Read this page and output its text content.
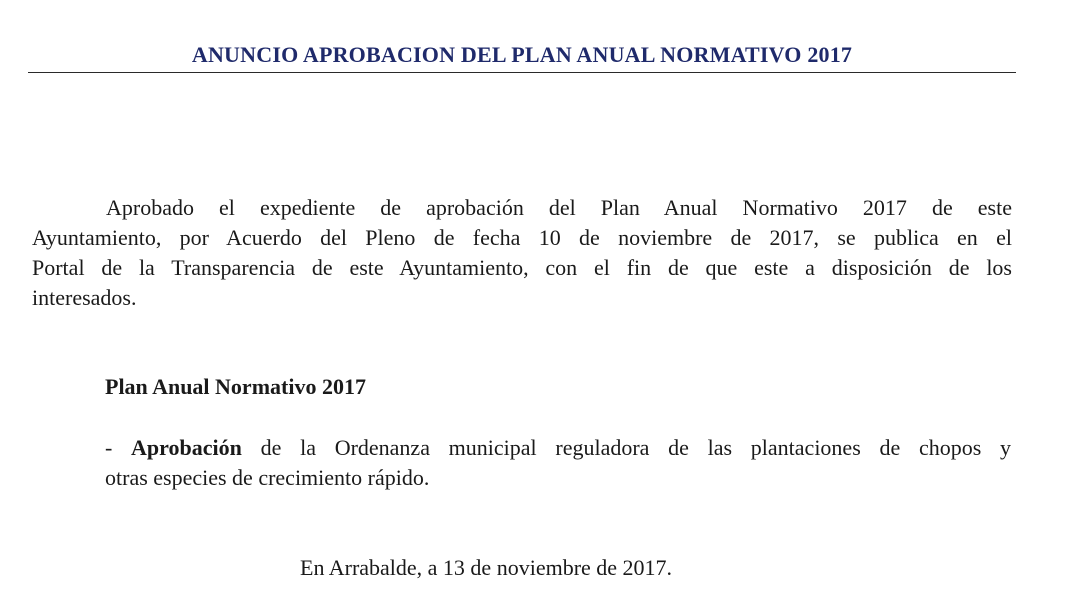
ANUNCIO APROBACION DEL PLAN ANUAL NORMATIVO 2017
Aprobado el expediente de aprobación del Plan Anual Normativo 2017 de este
Ayuntamiento, por Acuerdo del Pleno de fecha 10 de noviembre de 2017, se publica en el
Portal de la Transparencia de este Ayuntamiento, con el fin de que este a disposición de los
interesados.
Plan Anual Normativo 2017
- Aprobación de la Ordenanza municipal reguladora de las plantaciones de chopos y
otras especies de crecimiento rápido.
En Arrabalde, a 13 de noviembre de 2017.
